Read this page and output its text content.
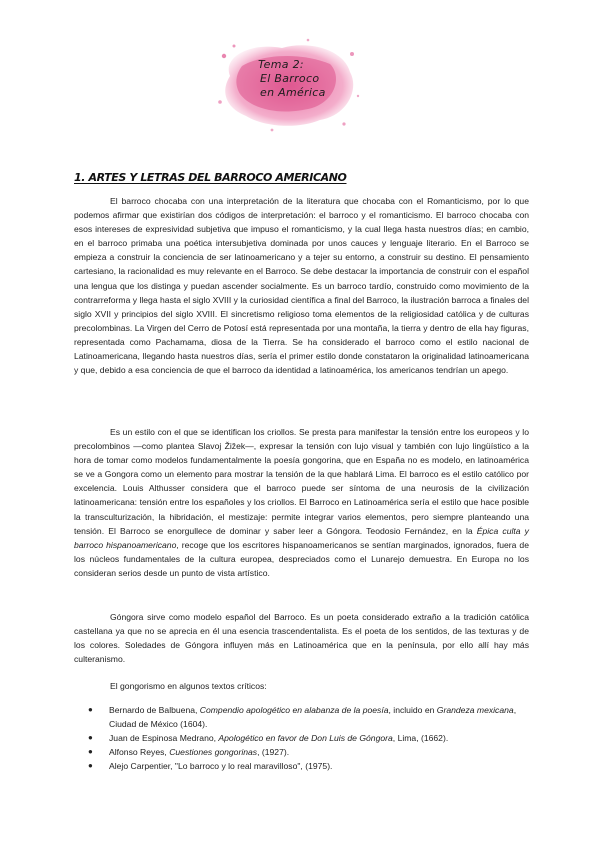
Tema 2:
El Barroco
en América
1. ARTES Y LETRAS DEL BARROCO AMERICANO

El barroco chocaba con una interpretación de la literatura que chocaba con el Romanticismo, por lo que podemos afirmar que existirían dos códigos de interpretación: el barroco y el romanticismo. El barroco chocaba con esos intereses de expresividad subjetiva que impuso el romanticismo, y la cual llega hasta nuestros días; en cambio, en el barroco primaba una poética intersubjetiva dominada por unos cauces y lenguaje literario. En el Barroco se empieza a construir la conciencia de ser latinoamericano y a tejer su entorno, a construir su destino. El pensamiento cartesiano, la racionalidad es muy relevante en el Barroco. Se debe destacar la importancia de construir con el español una lengua que los distinga y puedan ascender socialmente. Es un barroco tardío, construido como movimiento de la contrarreforma y llega hasta el siglo XVIII y la curiosidad científica a final del Barroco, la ilustración barroca a finales del siglo XVII y principios del siglo XVIII. El sincretismo religioso toma elementos de la religiosidad católica y de culturas precolombinas. La Virgen del Cerro de Potosí está representada por una montaña, la tierra y dentro de ella hay figuras, representada como Pachamama, diosa de la Tierra. Se ha considerado el barroco como el estilo nacional de Latinoamericana, llegando hasta nuestros días, sería el primer estilo donde constataron la originalidad latinoamericana y que, debido a esa conciencia de que el barroco da identidad a latinoamérica, los americanos tendrían un apego.

Es un estilo con el que se identifican los criollos. Se presta para manifestar la tensión entre los europeos y lo precolombinos —como plantea Slavoj Žižek—, expresar la tensión con lujo visual y también con lujo lingüístico a la hora de tomar como modelos fundamentalmente la poesía gongorina, que en España no es modelo, en latinoamérica se ve a Gongora como un elemento para mostrar la tensión de la que hablará Lima. El barroco es el estilo católico por excelencia. Louis Althusser considera que el barroco puede ser síntoma de una neurosis de la civilización latinoamericana: tensión entre los españoles y los criollos. El Barroco en Latinoamérica sería el estilo que hace posible la transculturización, la hibridación, el mestizaje: permite integrar varios elementos, pero siempre planteando una tensión. El Barroco se enorgullece de dominar y saber leer a Góngora. Teodosio Fernández, en la Épica culta y barroco hispanoamericano, recoge que los escritores hispanoamericanos se sentían marginados, ignorados, fuera de los núcleos fundamentales de la cultura europea, despreciados como el Lunarejo demuestra. En Europa no los consideran serios desde un punto de vista artístico.

Góngora sirve como modelo español del Barroco. Es un poeta considerado extraño a la tradición católica castellana ya que no se aprecia en él una esencia trascendentalista. Es el poeta de los sentidos, de las texturas y de los colores. Soledades de Góngora influyen más en Latinoamérica que en la península, por ello allí hay más culteranismo.

El gongorismo en algunos textos críticos:
● Bernardo de Balbuena, Compendio apologético en alabanza de la poesía, incluido en Grandeza mexicana, Ciudad de México (1604).
● Juan de Espinosa Medrano, Apologético en favor de Don Luis de Góngora, Lima, (1662).
● Alfonso Reyes, Cuestiones gongorinas, (1927).
● Alejo Carpentier, "Lo barroco y lo real maravilloso", (1975).
